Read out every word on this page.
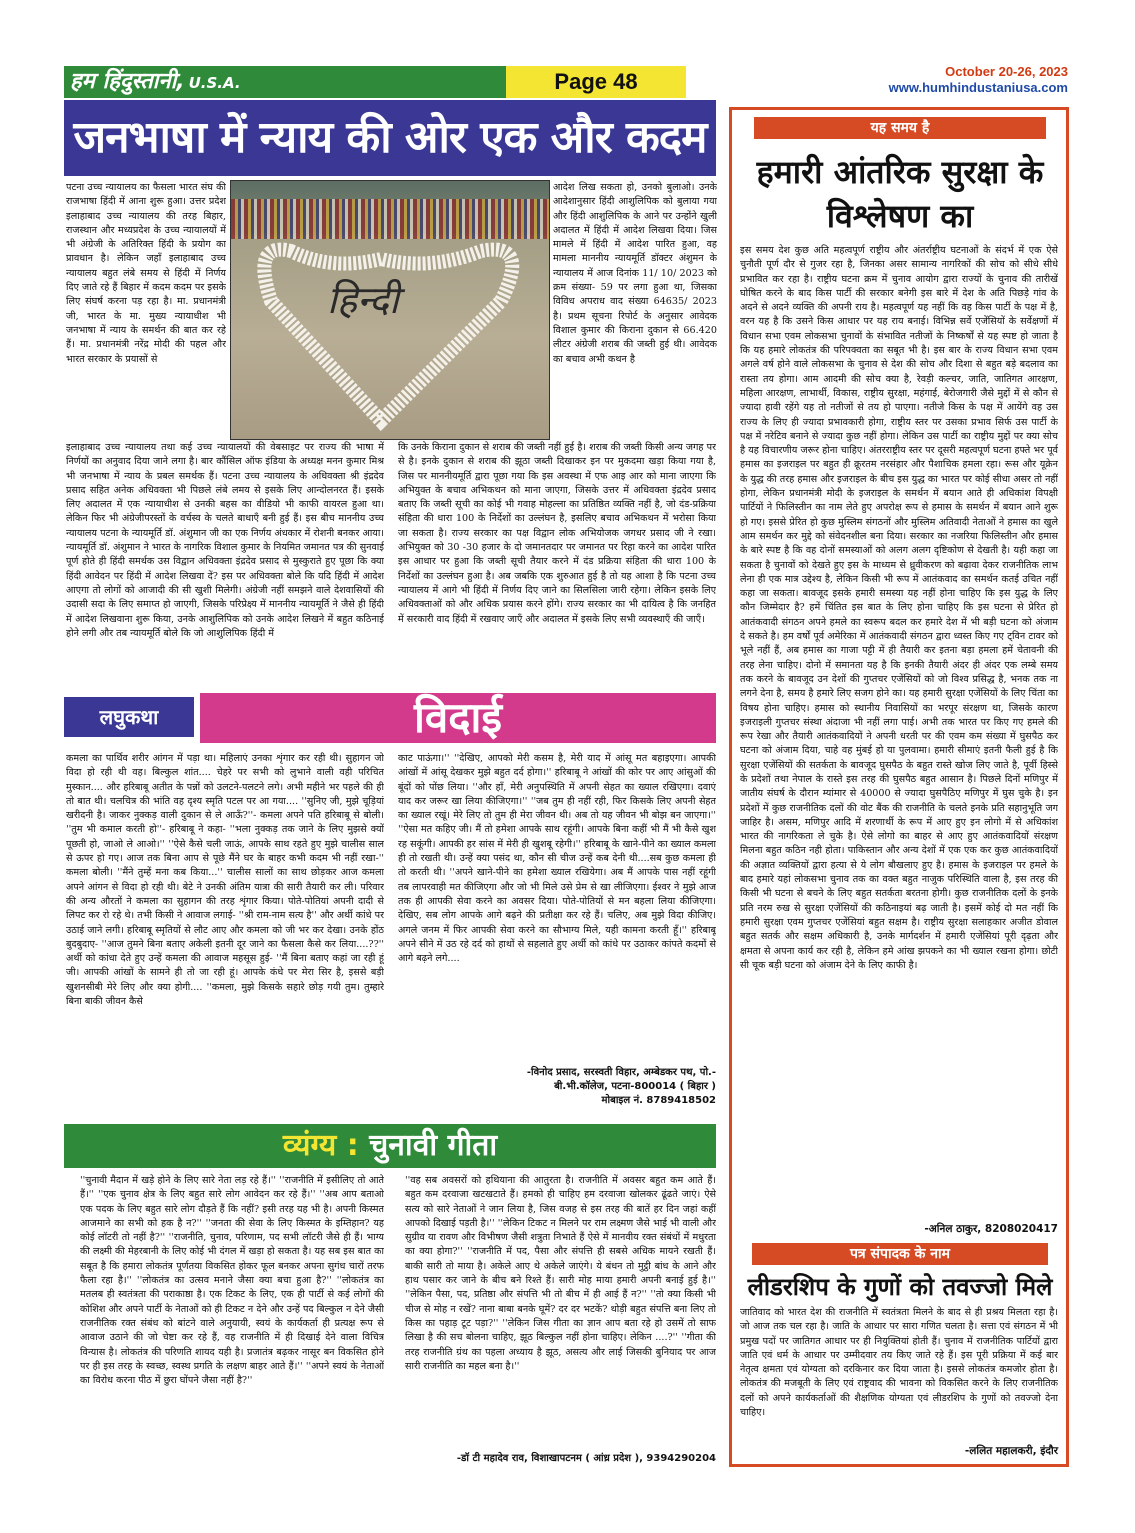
हम हिंदुस्तानी, U.S.A.	Page 48	October 20-26, 2023
www.humhindustaniusa.com
जनभाषा में न्याय की ओर एक और कदम
पटना उच्च न्यायालय का फैसला भारत संघ की राजभाषा हिंदी में आना शुरू हुआ। उत्तर प्रदेश इलाहाबाद उच्च न्यायालय की तरह बिहार, राजस्थान और मध्यप्रदेश के उच्च न्यायालयों में भी अंग्रेजी के अतिरिक्त हिंदी के प्रयोग का प्रावधान है। लेकिन जहाँ इलाहाबाद उच्च न्यायालय बहुत लंबे समय से हिंदी में निर्णय दिए जाते रहे हैं बिहार में कदम कदम पर इसके लिए संघर्ष करना पड़ रहा है। मा. प्रधानमंत्री जी, भारत के मा. मुख्य न्यायाधीश भी जनभाषा में न्याय के समर्थन की बात कर रहे हैं। मा. प्रधानमंत्री नरेंद्र मोदी की पहल और भारत सरकार के प्रयासों से
हिन्दी
आदेश लिख सकता हो, उनको बुलाओ। उनके आदेशानुसार हिंदी आशुलिपिक को बुलाया गया और हिंदी आशुलिपिक के आने पर उन्होंने खुली अदालत में हिंदी में आदेश लिखवा दिया। जिस मामले में हिंदी में आदेश पारित हुआ, वह मामला माननीय न्यायमूर्ति डॉक्टर अंशुमन के न्यायालय में आज दिनांक 11/ 10/ 2023 को क्रम संख्या- 59 पर लगा हुआ था, जिसका विविध अपराध वाद संख्या 64635/ 2023 है। प्रथम सूचना रिपोर्ट के अनुसार आवेदक विशाल कुमार की किराना दुकान से 66.420 लीटर अंग्रेजी शराब की जब्ती हुई थी। आवेदक का बचाव अभी कथन है
इलाहाबाद उच्च न्यायालय तथा कई उच्च न्यायालयों की वेबसाइट पर राज्य की भाषा में निर्णयों का अनुवाद दिया जाने लगा है। बार कौंसिल ऑफ इंडिया के अध्यक्ष मनन कुमार मिश्र भी जनभाषा में न्याय के प्रबल समर्थक हैं। पटना उच्च न्यायालय के अधिवक्ता श्री इंद्रदेव प्रसाद सहित अनेक अधिवक्ता भी पिछले लंबे लमय से इसके लिए आन्दोलनरत हैं। इसके लिए अदालत में एक न्यायाधीश से उनकी बहस का वीडियो भी काफी वायरल हुआ था। लेकिन फिर भी अंग्रेजीपरस्तों के वर्चस्व के चलते बाधाएँ बनी हुई हैं। इस बीच माननीय उच्च न्यायालय पटना के न्यायमूर्ति डॉ. अंशुमान जी का एक निर्णय अंधकार में रोशनी बनकर आया। न्यायमूर्ति डॉ. अंशुमान ने भारत के नागरिक विशाल कुमार के नियमित जमानत पत्र की सुनवाई पूर्ण होते ही हिंदी समर्थक उस विद्वान अधिवक्ता इंद्रदेव प्रसाद से मुस्कुराते हुए पूछा कि क्या हिंदी आवेदन पर हिंदी में आदेश लिखवा दें? इस पर अधिवक्ता बोले कि यदि हिंदी में आदेश आएगा तो लोगों को आजादी की सी खुशी मिलेगी। अंग्रेजी नहीं समझने वाले देशवासियों की उदासी सदा के लिए समाप्त हो जाएगी, जिसके परिप्रेक्ष्य में माननीय न्यायमूर्ति ने जैसे ही हिंदी में आदेश लिखवाना शुरू किया, उनके आशुलिपिक को उनके आदेश लिखने में बहुत कठिनाई होने लगी और तब न्यायमूर्ति बोले कि जो आशुलिपिक हिंदी में
कि उनके किराना दुकान से शराब की जब्ती नहीं हुई है। शराब की जब्ती किसी अन्य जगह पर से है। इनके दुकान से शराब की झूठा जब्ती दिखाकर इन पर मुकदमा खड़ा किया गया है, जिस पर माननीयमूर्ति द्वारा पूछा गया कि इस अवस्था में एफ आइ आर को माना जाएगा कि अभियुक्त के बचाव अभिकथन को माना जाएगा, जिसके उत्तर में अधिवक्ता इंद्रदेव प्रसाद बताए कि जब्ती सूची का कोई भी गवाह मोहल्ला का प्रतिष्ठित व्यक्ति नहीं है, जो दंड-प्रक्रिया संहिता की धारा 100 के निर्देशों का उल्लंघन है, इसलिए बचाव अभिकथन में भरोसा किया जा सकता है। राज्य सरकार का पक्ष विद्वान लोक अभियोजक जगधर प्रसाद जी ने रखा। अभियुक्त को 30 -30 हजार के दो जमानतदार पर जमानत पर रिहा करने का आदेश पारित इस आधार पर हुआ कि जब्ती सूची तैयार करने में दंड प्रक्रिया संहिता की धारा 100 के निर्देशों का उल्लंघन हुआ है। अब जबकि एक शुरुआत हुई है तो यह आशा है कि पटना उच्च न्यायालय में आगे भी हिंदी में निर्णय दिए जाने का सिलसिला जारी रहेगा। लेकिन इसके लिए अधिवक्ताओं को और अधिक प्रयास करने होंगे। राज्य सरकार का भी दायित्व है कि जनहित में सरकारी वाद हिंदी में रखवाए जाएँ और अदालत में इसके लिए सभी व्यवस्थाएँ की जाएँ।
लघुकथा	विदाई
कमला का पार्थिव शरीर आंगन में पड़ा था। महिलाएं उनका शृंगार कर रही थी। सुहागन जो विदा हो रही थी वह। बिल्कुल शांत.... चेहरे पर सभी को लुभाने वाली वही परिचित मुस्कान.... और हरिबाबू अतीत के पन्नों को उलटने-पलटने लगे। अभी महीने भर पहले की ही तो बात थी। चलचित्र की भांति वह दृश्य स्मृति पटल पर आ गया.... ''सुनिए जी, मुझे चूड़ियां खरीदनी है। जाकर नुक्कड़ वाली दुकान से ले आऊँ?''- कमला अपने पति हरिबाबू से बोली। ''तुम भी कमाल करती हो''- हरिबाबू ने कहा- ''भला नुक्कड़ तक जाने के लिए मुझसे क्यों पूछती हो, जाओ ले आओ।'' ''ऐसे कैसे चली जाऊं, आपके साथ रहते हुए मुझे चालीस साल से ऊपर हो गए। आज तक बिना आप से पूछे मैंने घर के बाहर कभी कदम भी नहीं रखा-'' कमला बोली। ''मैंने तुम्हें मना कब किया...'' चालीस सालों का साथ छोड़कर आज कमला अपने आंगन से विदा हो रही थी। बेटे ने उनकी अंतिम यात्रा की सारी तैयारी कर ली। परिवार की अन्य औरतों ने कमला का सुहागन की तरह शृंगार किया। पोते-पोतियां अपनी दादी से लिपट कर रो रहे थे। तभी किसी ने आवाज लगाई- ''श्री राम-नाम सत्य है'' और अर्थी कांधे पर उठाई जाने लगी। हरिबाबू स्मृतियों से लौट आए और कमला को जी भर कर देखा। उनके होंठ बुदबुदाए- ''आज तुमने बिना बताए अकेली इतनी दूर जाने का फैसला कैसे कर लिया....??'' अर्थी को कांधा देते हुए उन्हें कमला की आवाज महसूस हुई- ''मैं बिना बताए कहां जा रही हूं जी। आपकी आंखों के सामने ही तो जा रही हूं। आपके कंधे पर मेरा सिर है, इससे बड़ी खुशनसीबी मेरे लिए और क्या होगी.... ''कमला, मुझे किसके सहारे छोड़ गयी तुम। तुम्हारे बिना बाकी जीवन कैसे
काट पाऊंगा।'' ''देखिए, आपको मेरी कसम है, मेरी याद में आंसू मत बहाइएगा। आपकी आंखों में आंसू देखकर मुझे बहुत दर्द होगा।'' हरिबाबू ने आंखों की कोर पर आए आंसुओं की बूंदों को पोंछ लिया। ''और हाँ, मेरी अनुपस्थिति में अपनी सेहत का ख्याल रखिएगा। दवाएं याद कर जरूर खा लिया कीजिएगा।'' ''जब तुम ही नहीं रही, फिर किसके लिए अपनी सेहत का ख्याल रखूं। मेरे लिए तो तुम ही मेरा जीवन थी। अब तो यह जीवन भी बोझ बन जाएगा।'' ''ऐसा मत कहिए जी। मैं तो हमेशा आपके साथ रहूंगी। आपके बिना कहीं भी मैं भी कैसे खुश रह सकूंगी। आपकी हर सांस में मेरी ही खुशबू रहेगी।'' हरिबाबू के खाने-पीने का ख्याल कमला ही तो रखती थी। उन्हें क्या पसंद था, कौन सी चीज उन्हें कब देनी थी....सब कुछ कमला ही तो करती थी। ''अपने खाने-पीने का हमेशा ख्याल रखियेगा। अब मैं आपके पास नहीं रहूंगी तब लापरवाही मत कीजिएगा और जो भी मिले उसे प्रेम से खा लीजिएगा। ईश्वर ने मुझे आज तक ही आपकी सेवा करने का अवसर दिया। पोते-पोतियों से मन बहला लिया कीजिएगा। देखिए, सब लोग आपके आगे बढ़ने की प्रतीक्षा कर रहे हैं। चलिए, अब मुझे विदा कीजिए। अगले जनम में फिर आपकी सेवा करने का सौभाग्य मिले, यही कामना करती हूँ।'' हरिबाबू अपने सीने में उठ रहे दर्द को हाथों से सहलाते हुए अर्थी को कांधे पर उठाकर कांपते कदमों से आगे बढ़ने लगे....
-विनोद प्रसाद, सरस्वती विहार, अम्बेडकर पथ, पो.-
बी.भी.कॉलेज, पटना-800014 ( बिहार )
मोबाइल नं. 8789418502
व्यंग्य : चुनावी गीता
''चुनावी मैदान में खड़े होने के लिए सारे नेता लड़ रहे हैं।'' ''राजनीति में इसीलिए तो आते हैं।'' ''एक चुनाव क्षेत्र के लिए बहुत सारे लोग आवेदन कर रहे हैं।'' ''अब आप बताओ एक पदक के लिए बहुत सारे लोग दौड़ते हैं कि नहीं? इसी तरह यह भी है। अपनी किस्मत आजमाने का सभी को हक है न?'' ''जनता की सेवा के लिए किस्मत के इम्तिहान? यह कोई लॉटरी तो नहीं है?'' ''राजनीति, चुनाव, परिणाम, पद सभी लॉटरी जैसे ही हैं। भाग्य की लक्ष्मी की मेहरबानी के लिए कोई भी दंगल में खड़ा हो सकता है। यह सब इस बात का सबूत है कि हमारा लोकतंत्र पूर्णतया विकसित होकर फूल बनकर अपना सुगंध चारों तरफ फैला रहा है।'' ''लोकतंत्र का उत्सव मनाने जैसा क्या बचा हुआ है?'' ''लोकतंत्र का मतलब ही स्वतंत्रता की पराकाष्ठा है। एक टिकट के लिए, एक ही पार्टी से कई लोगों की कोशिश और अपने पार्टी के नेताओं को ही टिकट न देने और उन्हें पद बिल्कुल न देने जैसी राजनीतिक रक्त संबंध को बांटने वाले अनुयायी, स्वयं के कार्यकर्ता ही प्रत्यक्ष रूप से आवाज उठाने की जो चेष्टा कर रहे हैं, वह राजनीति में ही दिखाई देने वाला विचित्र विन्यास है। लोकतंत्र की परिणति शायद यही है। प्रजातंत्र बढ़कर नासूर बन विकसित होने पर ही इस तरह के स्वच्छ, स्वस्थ प्रगति के लक्षण बाहर आते हैं।'' ''अपने स्वयं के नेताओं का विरोध करना पीठ में छुरा घोंपने जैसा नहीं है?''
''वह सब अवसरों को हथियाना की आतुरता है। राजनीति में अवसर बहुत कम आते हैं। बहुत कम दरवाजा खटखटाते हैं। हमको ही चाहिए हम दरवाजा खोलकर ढूंढते जाएं। ऐसे सत्य को सारे नेताओं ने जान लिया है, जिस वजह से इस तरह की बातें हर दिन जहां कहीं आपको दिखाई पड़ती है।'' ''लेकिन टिकट न मिलने पर राम लक्ष्मण जैसे भाई भी वाली और सुग्रीव या रावण और विभीषण जैसी शत्रुता निभाते हैं ऐसे में मानवीय रक्त संबंधों में मधुरता का क्या होगा?'' ''राजनीति में पद, पैसा और संपत्ति ही सबसे अधिक मायने रखती हैं। बाकी सारी तो माया है। अकेले आए थे अकेले जाएंगे। ये बंधन तो मुट्ठी बांध के आने और हाथ पसार कर जाने के बीच बने रिश्ते हैं। सारी मोह माया हमारी अपनी बनाई हुई है।'' ''लेकिन पैसा, पद, प्रतिष्ठा और संपत्ति भी तो बीच में ही आई हैं न?'' ''तो क्या किसी भी चीज से मोह न रखें? नाना बाबा बनके घूमें? दर दर भटकें? थोड़ी बहुत संपत्ति बना लिए तो किस का पहाड़ टूट पड़ा?'' ''लेकिन जिस गीता का ज्ञान आप बता रहे हो उसमें तो साफ लिखा है की सच बोलना चाहिए, झूठ बिल्कुल नहीं होना चाहिए। लेकिन ....?'' ''गीता की तरह राजनीति ग्रंथ का पहला अध्याय है झूठ, असत्य और लाई जिसकी बुनियाद पर आज सारी राजनीति का महल बना है।''
-डॉ टी महादेव राव, विशाखापटनम ( आंध्र प्रदेश ), 9394290204
यह समय है
हमारी आंतरिक सुरक्षा के विश्लेषण का
इस समय देश कुछ अति महत्वपूर्ण राष्ट्रीय और अंतर्राष्ट्रीय घटनाओं के संदर्भ में एक ऐसे चुनौती पूर्ण दौर से गुजर रहा है, जिनका असर सामान्य नागरिकों की सोच को सीधे सीधे प्रभावित कर रहा है। राष्ट्रीय घटना क्रम में चुनाव आयोग द्वारा राज्यों के चुनाव की तारीखें घोषित करने के बाद किस पार्टी की सरकार बनेगी इस बारे में देश के अति पिछड़े गांव के अदने से अदने व्यक्ति की अपनी राय है। महत्वपूर्ण यह नहीं कि वह किस पार्टी के पक्ष में है, वरन यह है कि उसने किस आधार पर यह राय बनाई। विभिन्न सर्वे एजेंसियों के सर्वेक्षणों में विधान सभा एवम लोकसभा चुनावों के संभावित नतीजों के निष्कर्षों से यह स्पष्ट हो जाता है कि यह हमारे लोकतंत्र की परिपक्वता का सबूत भी है। इस बार के राज्य विधान सभा एवम अगले वर्ष होने वाले लोकसभा के चुनाव से देश की सोच और दिशा से बहुत बड़े बदलाव का रास्ता तय होगा। आम आदमी की सोच क्या है, रेवड़ी कल्चर, जाति, जातिगत आरक्षण, महिला आरक्षण, लाभार्थी, विकास, राष्ट्रीय सुरक्षा, महंगाई, बेरोजगारी जैसे मुद्दों में से कौन से ज्यादा हावी रहेंगे यह तो नतीजों से तय हो पाएगा। नतीजे किस के पक्ष में आयेंगे वह उस राज्य के लिए ही ज्यादा प्रभावकारी होगा, राष्ट्रीय स्तर पर उसका प्रभाव सिर्फ उस पार्टी के पक्ष में नरेटिव बनाने से ज्यादा कुछ नहीं होगा। लेकिन उस पार्टी का राष्ट्रीय मुद्दों पर क्या सोच है यह विचारणीय जरूर होना चाहिए। अंतरराष्ट्रीय स्तर पर दूसरी महत्वपूर्ण घटना हफ्ते भर पूर्व हमास का इजराइल पर बहुत ही क्रूरतम नरसंहार और पैशाचिक हमला रहा। रूस और यूक्रेन के युद्ध की तरह हमास और इजराइल के बीच इस युद्ध का भारत पर कोई सीधा असर तो नहीं होगा, लेकिन प्रधानमंत्री मोदी के इजराइल के समर्थन में बयान आते ही अधिकांश विपक्षी पार्टियों ने फिलिस्तीन का नाम लेते हुए अपरोक्ष रूप से हमास के समर्थन में बयान आने शुरू हो गए। इससे प्रेरित हो कुछ मुस्लिम संगठनों और मुस्लिम अतिवादी नेताओं ने हमास का खुले आम समर्थन कर मुद्दे को संवेदनशील बना दिया। सरकार का नजरिया फिलिस्तीन और हमास के बारे स्पष्ट है कि वह दोनों समस्याओं को अलग अलग दृष्टिकोण से देखती है। यही कहा जा सकता है चुनावों को देखते हुए इस के माध्यम से ध्रुवीकरण को बढ़ावा देकर राजनीतिक लाभ लेना ही एक मात्र उद्देश्य है, लेकिन किसी भी रूप में आतंकवाद का समर्थन कतई उचित नहीं कहा जा सकता। बावजूद इसके हमारी समस्या यह नहीं होना चाहिए कि इस युद्ध के लिए कौन जिम्मेदार है? हमें चिंतित इस बात के लिए होना चाहिए कि इस घटना से प्रेरित हो आतंकवादी संगठन अपने हमले का स्वरूप बदल कर हमारे देश में भी बड़ी घटना को अंजाम दे सकते है। हम वर्षों पूर्व अमेरिका में आतंकवादी संगठन द्वारा ध्वस्त किए गए ट्विन टावर को भूले नहीं हैं, अब हमास का गाजा पट्टी में ही तैयारी कर इतना बड़ा हमला हमें चेतावनी की तरह लेना चाहिए। दोनो में समानता यह है कि इनकी तैयारी अंदर ही अंदर एक लम्बे समय तक करने के बावजूद उन देशों की गुप्तचर एजेंसियों को जो विश्व प्रसिद्ध है, भनक तक ना लगने देना है, समय है हमारे लिए सजग होने का। यह हमारी सुरक्षा एजेंसियों के लिए चिंता का विषय होना चाहिए। हमास को स्थानीय निवासियों का भरपूर संरक्षण था, जिसके कारण इजराइली गुप्तचर संस्था अंदाजा भी नहीं लगा पाई। अभी तक भारत पर किए गए हमले की रूप रेखा और तैयारी आतंकवादियों ने अपनी धरती पर की एवम कम संख्या में घुसपैठ कर घटना को अंजाम दिया, चाहे वह मुंबई हो या पुलवामा। हमारी सीमाएं इतनी फैली हुई है कि सुरक्षा एजेंसियों की सतर्कता के बावजूद घुसपैठ के बहुत रास्ते खोज लिए जाते है, पूर्वी हिस्से के प्रदेशों तथा नेपाल के रास्ते इस तरह की घुसपैठ बहुत आसान है। पिछले दिनों मणिपुर में जातीय संघर्ष के दौरान म्यांमार से 40000 से ज्यादा घुसपैठिए मणिपुर में घुस चुके है। इन प्रदेशों में कुछ राजनीतिक दलों की वोट बैंक की राजनीति के चलते इनके प्रति सहानुभूति जग जाहिर है। असम, मणिपुर आदि में शरणार्थी के रूप में आए हुए इन लोगो में से अधिकांश भारत की नागरिकता ले चुके है। ऐसे लोगो का बाहर से आए हुए आतंकवादियों संरक्षण मिलना बहुत कठिन नही होता। पाकिस्तान और अन्य देशों में एक एक कर कुछ आतंकवादियों की अज्ञात व्यक्तियों द्वारा हत्या से ये लोग बौखलाए हुए है। हमास के इजराइल पर हमले के बाद हमारे यहां लोकसभा चुनाव तक का वक्त बहुत नाजुक परिस्थिति वाला है, इस तरह की किसी भी घटना से बचने के लिए बहुत सतर्कता बरतना होगी। कुछ राजनीतिक दलों के इनके प्रति नरम रुख से सुरक्षा एजेंसियों की कठिनाइयां बढ़ जाती है। इसमें कोई दो मत नहीं कि हमारी सुरक्षा एवम गुप्तचर एजेंसियां बहुत सक्षम है। राष्ट्रीय सुरक्षा सलाहकार अजीत डोवाल बहुत सतर्क और सक्षम अधिकारी है, उनके मार्गदर्शन में हमारी एजेंसियां पूरी दृढ़ता और क्षमता से अपना कार्य कर रही है, लेकिन हमे आंख झपकने का भी ख्याल रखना होगा। छोटी सी चूक बड़ी घटना को अंजाम देने के लिए काफी है।
-अनिल ठाकुर, 8208020417
पत्र संपादक के नाम
लीडरशिप के गुणों को तवज्जो मिले
जातिवाद को भारत देश की राजनीति में स्वतंत्रता मिलने के बाद से ही प्रश्रय मिलता रहा है। जो आज तक चल रहा है। जाति के आधार पर सारा गणित चलता है। सत्ता एवं संगठन में भी प्रमुख पदों पर जातिगत आधार पर ही नियुक्तियां होती हैं। चुनाव में राजनीतिक पार्टियों द्वारा जाति एवं धर्म के आधार पर उम्मीदवार तय किए जाते रहे हैं। इस पूरी प्रक्रिया में कई बार नेतृत्व क्षमता एवं योग्यता को दरकिनार कर दिया जाता है। इससे लोकतंत्र कमजोर होता है। लोकतंत्र की मजबूती के लिए एवं राष्ट्रवाद की भावना को विकसित करने के लिए राजनीतिक दलों को अपने कार्यकर्ताओं की शैक्षणिक योग्यता एवं लीडरशिप के गुणों को तवज्जो देना चाहिए।
-ललित महालकरी, इंदौर
